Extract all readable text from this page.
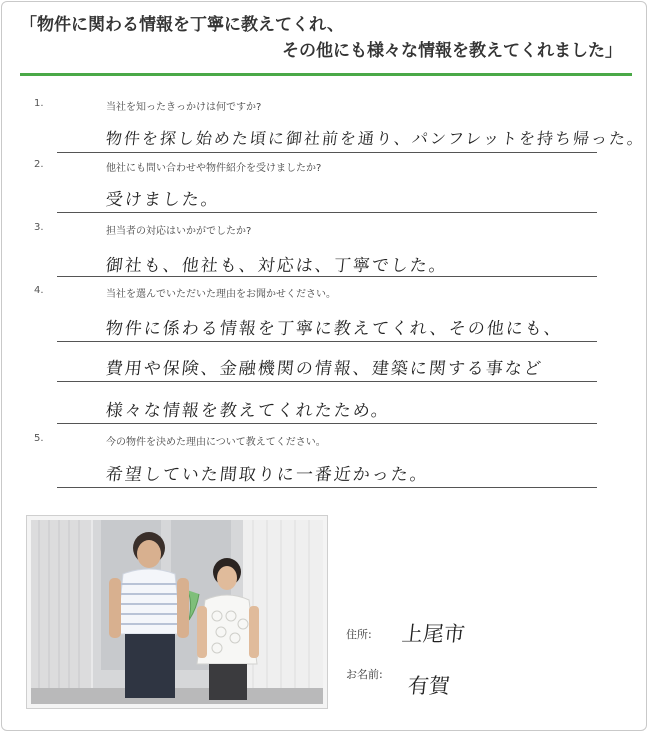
「物件に関わる情報を丁寧に教えてくれ、
その他にも様々な情報を教えてくれました」
1.	当社を知ったきっかけは何ですか?
物件を探し始めた頃に御社前を通り、パンフレットを持ち帰った。
2.	他社にも問い合わせや物件紹介を受けましたか?
受けました。
3.	担当者の対応はいかがでしたか?
御社も、他社も、対応は、丁寧でした。
4.	当社を選んでいただいた理由をお聞かせください。
物件に係わる情報を丁寧に教えてくれ、その他にも、
費用や保険、金融機関の情報、建築に関する事など
様々な情報を教えてくれたため。
5.	今の物件を決めた理由について教えてください。
希望していた間取りに一番近かった。
住所: 上尾市
お名前: 有賀
